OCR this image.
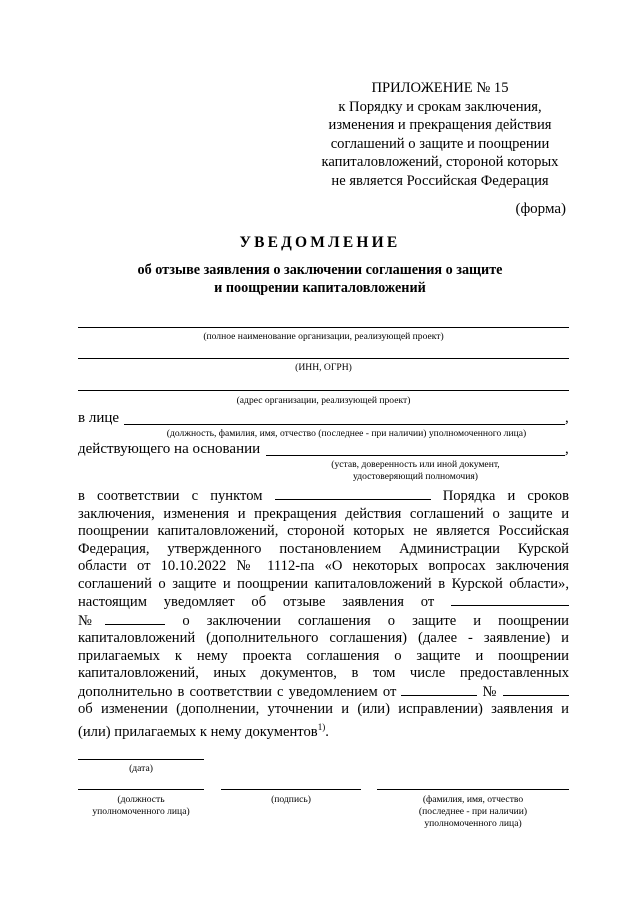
ПРИЛОЖЕНИЕ № 15
к Порядку и срокам заключения,
изменения и прекращения действия
соглашений о защите и поощрении
капиталовложений, стороной которых
не является Российская Федерация
(форма)
УВЕДОМЛЕНИЕ
об отзыве заявления о заключении соглашения о защите
и поощрении капиталовложений
(полное наименование организации, реализующей проект)
(ИНН, ОГРН)
(адрес организации, реализующей проект)
в лице	,
(должность, фамилия, имя, отчество (последнее - при наличии) уполномоченного лица)
действующего на основании	,
(устав, доверенность или иной документ,
удостоверяющий полномочия)

в соответствии с пунктом	Порядка и сроков

заключения, изменения и прекращения действия соглашений о защите и

поощрении капиталовложений, стороной которых не является Российская

Федерация, утвержденного постановлением Администрации Курской

области от 10.10.2022 № 1112-па «О некоторых вопросах заключения

соглашений о защите и поощрении капиталовложений в Курской области»,

настоящим уведомляет об отзыве заявления от

№	о заключении соглашения о защите и поощрении

капиталовложений (дополнительного соглашения) (далее - заявление) и

прилагаемых к нему проекта соглашения о защите и поощрении

капиталовложений, иных документов, в том числе предоставленных

дополнительно в соответствии с уведомлением от	№

об изменении (дополнении, уточнении и (или) исправлении) заявления и

(или) прилагаемых к нему документов$^{1)}$.

(дата)
(должность
уполномоченного лица)
(подпись)	(фамилия, имя, отчество
(последнее - при наличии)
уполномоченного лица)
